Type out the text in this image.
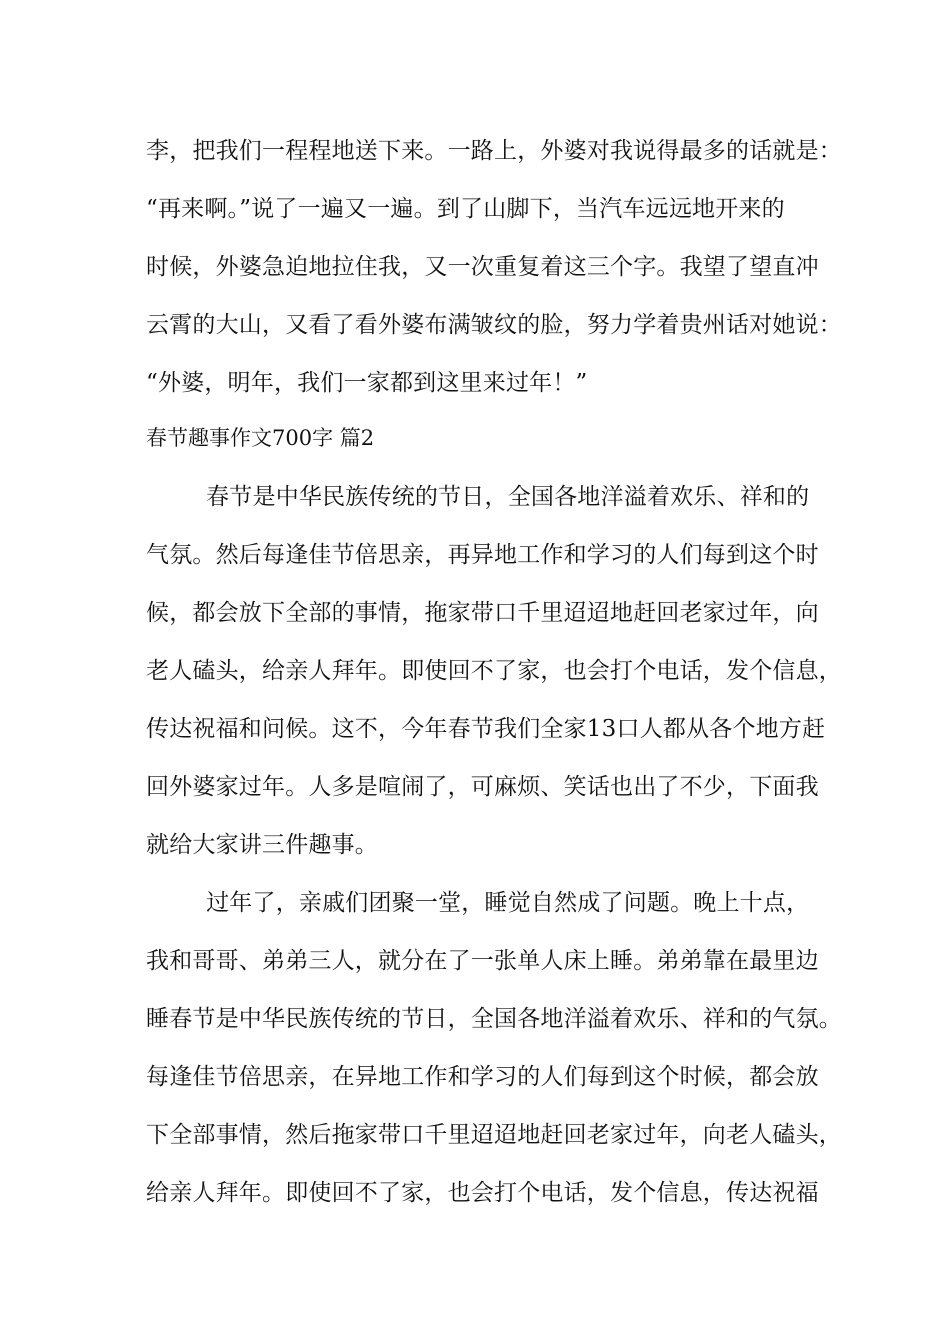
李，把我们一程程地送下来。一路上，外婆对我说得最多的话就是：
“再来啊。”说了一遍又一遍。到了山脚下，当汽车远远地开来的
时候，外婆急迫地拉住我，又一次重复着这三个字。我望了望直冲
云霄的大山，又看了看外婆布满皱纹的脸，努力学着贵州话对她说：
“外婆，明年，我们一家都到这里来过年！”
春节趣事作文700字 篇2
春节是中华民族传统的节日，全国各地洋溢着欢乐、祥和的
气氛。然后每逢佳节倍思亲，再异地工作和学习的人们每到这个时
候，都会放下全部的事情，拖家带口千里迢迢地赶回老家过年，向
老人磕头，给亲人拜年。即使回不了家，也会打个电话，发个信息，
传达祝福和问候。这不，今年春节我们全家13口人都从各个地方赶
回外婆家过年。人多是喧闹了，可麻烦、笑话也出了不少，下面我
就给大家讲三件趣事。
过年了，亲戚们团聚一堂，睡觉自然成了问题。晚上十点，
我和哥哥、弟弟三人，就分在了一张单人床上睡。弟弟靠在最里边
睡春节是中华民族传统的节日，全国各地洋溢着欢乐、祥和的气氛。
每逢佳节倍思亲，在异地工作和学习的人们每到这个时候，都会放
下全部事情，然后拖家带口千里迢迢地赶回老家过年，向老人磕头，
给亲人拜年。即使回不了家，也会打个电话，发个信息，传达祝福
